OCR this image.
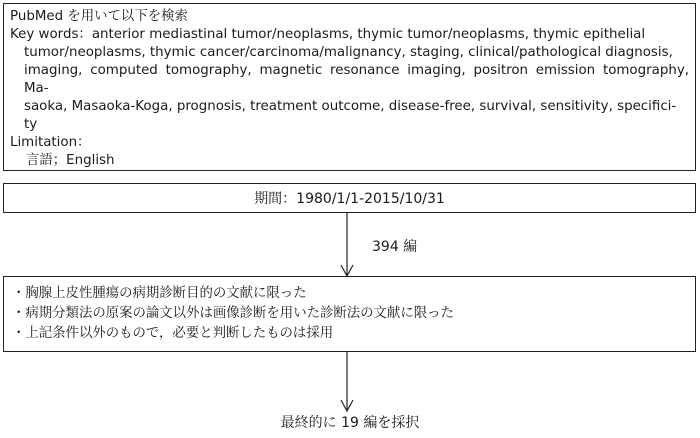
PubMed を用いて以下を検索
Key words： anterior mediastinal tumor/neoplasms, thymic tumor/neoplasms, thymic epithelial
tumor/neoplasms, thymic cancer/carcinoma/malignancy, staging, clinical/pathological diagnosis,
imaging, computed tomography, magnetic resonance imaging, positron emission tomography, Ma-
saoka, Masaoka-Koga, prognosis, treatment outcome, disease-free, survival, sensitivity, specifici-
ty
Limitation：
言語；English
期間：1980/1/1-2015/10/31
394 編
・胸腺上皮性腫瘍の病期診断目的の文献に限った
・病期分類法の原案の論文以外は画像診断を用いた診断法の文献に限った
・上記条件以外のもので，必要と判断したものは採用
最終的に 19 編を採択
